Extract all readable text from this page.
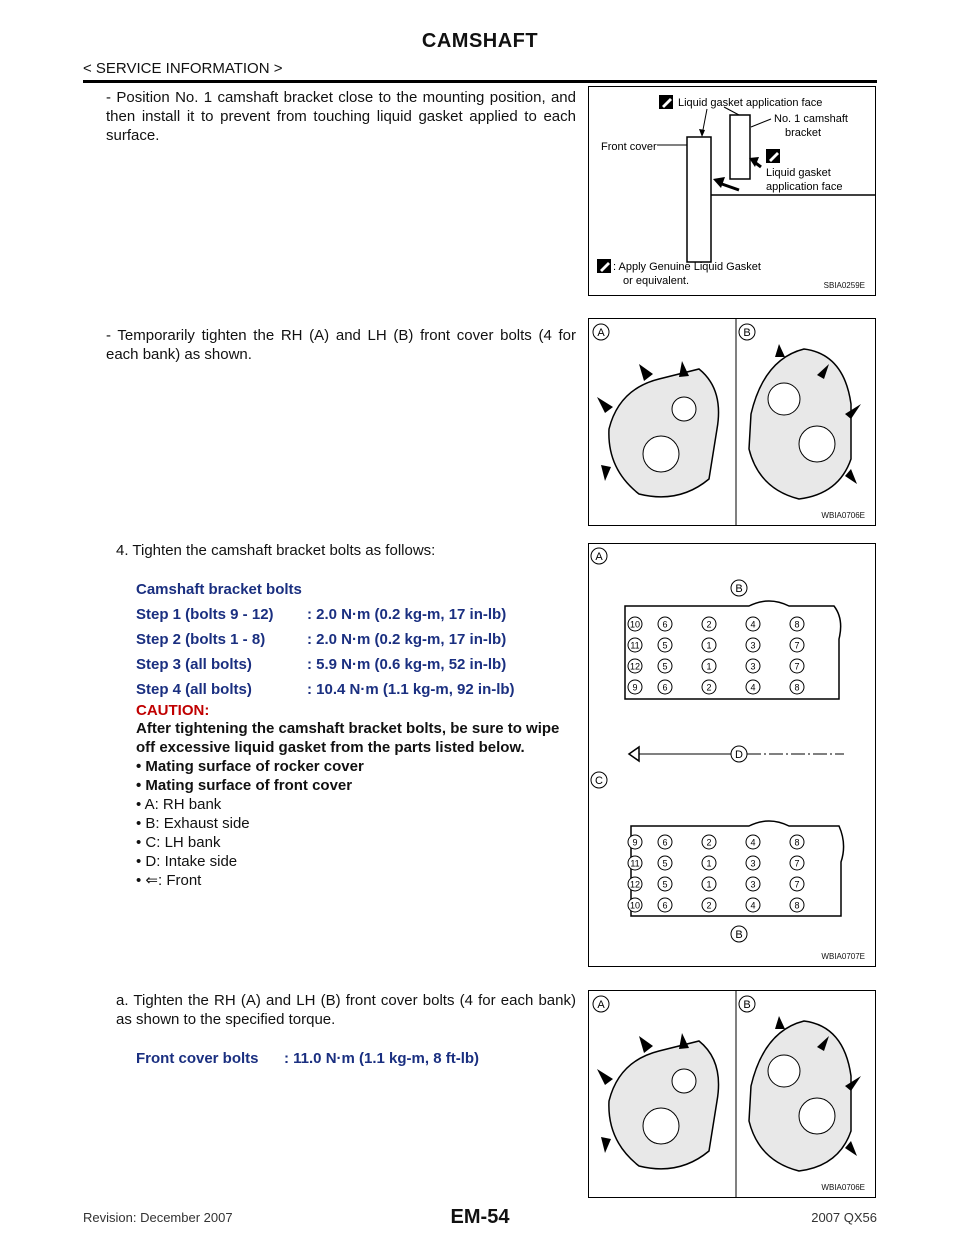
CAMSHAFT
< SERVICE INFORMATION >
- Position No. 1 camshaft bracket close to the mounting position, and then install it to prevent from touching liquid gasket applied to each surface.
Liquid gasket application face
No. 1 camshaft
bracket
Front cover
Liquid gasket
application face
: Apply Genuine Liquid Gasket
or equivalent.	SBIA0259E
- Temporarily tighten the RH (A) and LH (B) front cover bolts (4 for each bank) as shown.
A	B
WBIA0706E
4. Tighten the camshaft bracket bolts as follows:
Camshaft bracket bolts
Step 1 (bolts 9 - 12)	: 2.0 N·m (0.2 kg-m, 17 in-lb)
Step 2 (bolts 1 - 8)	: 2.0 N·m (0.2 kg-m, 17 in-lb)
Step 3 (all bolts)	: 5.9 N·m (0.6 kg-m, 52 in-lb)
Step 4 (all bolts)	: 10.4 N·m (1.1 kg-m, 92 in-lb)
CAUTION:
After tightening the camshaft bracket bolts, be sure to wipe off excessive liquid gasket from the parts listed below.
• Mating surface of rocker cover
• Mating surface of front cover
• A: RH bank
• B: Exhaust side
• C: LH bank
• D: Intake side
• ⇐: Front
A
B
D
C
B
10
11
12
9
6	2	4	8
5	1	3	7
5	1	3	7
6	2	4	8
9
11
12
10
6	2	4	8
5	1	3	7
5	1	3	7
6	2	4	8
WBIA0707E
a. Tighten the RH (A) and LH (B) front cover bolts (4 for each bank) as shown to the specified torque.
Front cover bolts	: 11.0 N·m (1.1 kg-m, 8 ft-lb)
A	B
WBIA0706E
Revision: December 2007	EM-54	2007 QX56
